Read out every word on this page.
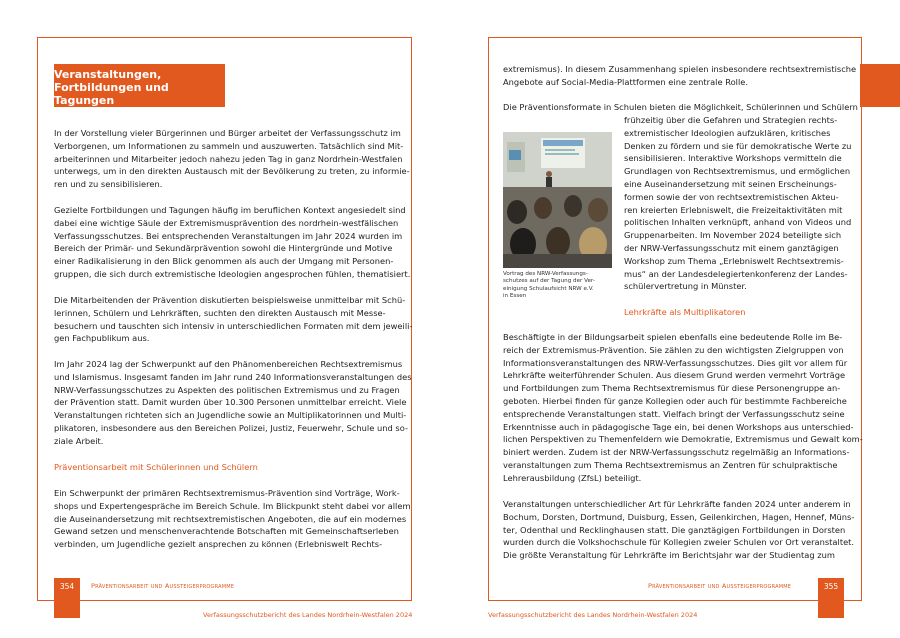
Veranstaltungen,
Fortbildungen und Tagungen
In der Vorstellung vieler Bürgerinnen und Bürger arbeitet der Verfassungsschutz im
Verborgenen, um Informationen zu sammeln und auszuwerten. Tatsächlich sind Mit-
arbeiterinnen und Mitarbeiter jedoch nahezu jeden Tag in ganz Nordrhein-Westfalen
unterwegs, um in den direkten Austausch mit der Bevölkerung zu treten, zu informie-
ren und zu sensibilisieren.
Gezielte Fortbildungen und Tagungen häufig im beruflichen Kontext angesiedelt sind
dabei eine wichtige Säule der Extremismusprävention des nordrhein-westfälischen
Verfassungsschutzes. Bei entsprechenden Veranstaltungen im Jahr 2024 wurden im
Bereich der Primär- und Sekundärprävention sowohl die Hintergründe und Motive
einer Radikalisierung in den Blick genommen als auch der Umgang mit Personen-
gruppen, die sich durch extremistische Ideologien angesprochen fühlen, thematisiert.
Die Mitarbeitenden der Prävention diskutierten beispielsweise unmittelbar mit Schü-
lerinnen, Schülern und Lehrkräften, suchten den direkten Austausch mit Messe-
besuchern und tauschten sich intensiv in unterschiedlichen Formaten mit dem jeweili-
gen Fachpublikum aus.
Im Jahr 2024 lag der Schwerpunkt auf den Phänomenbereichen Rechtsextremismus
und Islamismus. Insgesamt fanden im Jahr rund 240 Informationsveranstaltungen des
NRW-Verfassungsschutzes zu Aspekten des politischen Extremismus und zu Fragen
der Prävention statt. Damit wurden über 10.300 Personen unmittelbar erreicht. Viele
Veranstaltungen richteten sich an Jugendliche sowie an Multiplikatorinnen und Multi-
plikatoren, insbesondere aus den Bereichen Polizei, Justiz, Feuerwehr, Schule und so-
ziale Arbeit.
Präventionsarbeit mit Schülerinnen und Schülern
Ein Schwerpunkt der primären Rechtsextremismus-Prävention sind Vorträge, Work-
shops und Expertengespräche im Bereich Schule. Im Blickpunkt steht dabei vor allem
die Auseinandersetzung mit rechtsextremistischen Angeboten, die auf ein modernes
Gewand setzen und menschenverachtende Botschaften mit Gemeinschaftserleben
verbinden, um Jugendliche gezielt ansprechen zu können (Erlebniswelt Rechts-
354	Präventionsarbeit und Aussteigerprogramme
Verfassungsschutzbericht des Landes Nordrhein-Westfalen 2024
extremismus). In diesem Zusammenhang spielen insbesondere rechtsextremistische
Angebote auf Social-Media-Plattformen eine zentrale Rolle.
Die Präventionsformate in Schulen bieten die Möglichkeit, Schülerinnen und Schülern
frühzeitig über die Gefahren und Strategien rechts-
extremistischer Ideologien aufzuklären, kritisches
Denken zu fördern und sie für demokratische Werte zu
sensibilisieren. Interaktive Workshops vermitteln die
Grundlagen von Rechtsextremismus, und ermöglichen
eine Auseinandersetzung mit seinen Erscheinungs-
formen sowie der von rechtsextremistischen Akteu-
ren kreierten Erlebniswelt, die Freizeitaktivitäten mit
politischen Inhalten verknüpft, anhand von Videos und
Gruppenarbeiten. Im November 2024 beteiligte sich
der NRW-Verfassungsschutz mit einem ganztägigen
Workshop zum Thema „Erlebniswelt Rechtsextremis-
mus“ an der Landesdelegiertenkonferenz der Landes-
schülervertretung in Münster.
Vortrag des NRW-Verfassungs-
schutzes auf der Tagung der Ver-
einigung Schulaufsicht NRW e.V.
in Essen
Lehrkräfte als Multiplikatoren
Beschäftigte in der Bildungsarbeit spielen ebenfalls eine bedeutende Rolle im Be-
reich der Extremismus-Prävention. Sie zählen zu den wichtigsten Zielgruppen von
Informationsveranstaltungen des NRW-Verfassungsschutzes. Dies gilt vor allem für
Lehrkräfte weiterführender Schulen. Aus diesem Grund werden vermehrt Vorträge
und Fortbildungen zum Thema Rechtsextremismus für diese Personengruppe an-
geboten. Hierbei finden für ganze Kollegien oder auch für bestimmte Fachbereiche
entsprechende Veranstaltungen statt. Vielfach bringt der Verfassungsschutz seine
Erkenntnisse auch in pädagogische Tage ein, bei denen Workshops aus unterschied-
lichen Perspektiven zu Themenfeldern wie Demokratie, Extremismus und Gewalt kom-
biniert werden. Zudem ist der NRW-Verfassungsschutz regelmäßig an Informations-
veranstaltungen zum Thema Rechtsextremismus an Zentren für schulpraktische
Lehrerausbildung (ZfsL) beteiligt.
Veranstaltungen unterschiedlicher Art für Lehrkräfte fanden 2024 unter anderem in
Bochum, Dorsten, Dortmund, Duisburg, Essen, Geilenkirchen, Hagen, Hennef, Müns-
ter, Odenthal und Recklinghausen statt. Die ganztägigen Fortbildungen in Dorsten
wurden durch die Volkshochschule für Kollegien zweier Schulen vor Ort veranstaltet.
Die größte Veranstaltung für Lehrkräfte im Berichtsjahr war der Studientag zum
Präventionsarbeit und Aussteigerprogramme	355
Verfassungsschutzbericht des Landes Nordrhein-Westfalen 2024
